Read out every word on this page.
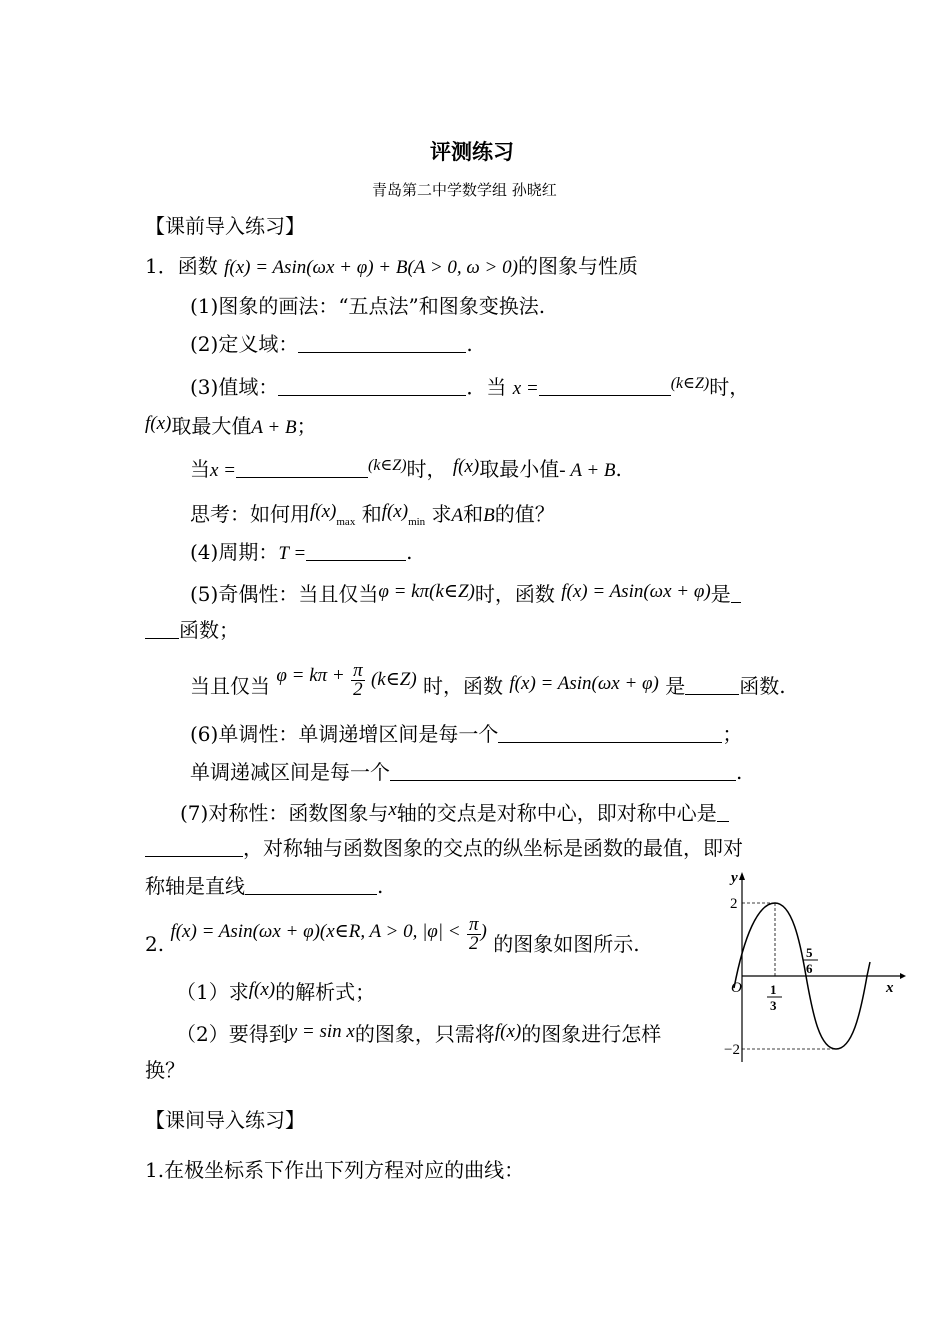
评测练习
青岛第二中学数学组 孙晓红
【课前导入练习】
1．函数 f(x) = Asin(ωx + φ) + B(A > 0, ω > 0)的图象与性质
(1)图象的画法：“五点法”和图象变换法.
(2)定义域：	.
(3)值域：	．当 x =	$^{(k\in Z)}$时，
f(x)取最大值A + B；
当x =	$^{(k\in Z)}$时， f(x)取最小值- A + B.
思考：如何用$f(x)_{max}$ 和$f(x)_{min}$ 求A和B的值？
(4)周期：T =	.
(5)奇偶性：当且仅当φ = kπ(k∈Z)时，函数 f(x) = Asin(ωx + φ)是
函数；
当且仅当 $\varphi = k\pi + \frac{\pi}{2}$ (k∈Z) 时，函数 f(x) = Asin(ωx + φ) 是	函数.
(6)单调性：单调递增区间是每一个	；
单调递减区间是每一个	.
(7)对称性：函数图象与x轴的交点是对称中心，即对称中心是
，对称轴与函数图象的交点的纵坐标是函数的最值，即对
称轴是直线	.
2. f(x) = Asin(ωx + φ)(x∈R, A > 0, $|\varphi| < \frac{\pi}{2}$ ) 的图象如图所示.
（1）求f(x)的解析式；
（2）要得到y = sin x的图象，只需将f(x)的图象进行怎样
换？
y
x
O
2
−2
1
3
5
6
【课间导入练习】
1.在极坐标系下作出下列方程对应的曲线：
